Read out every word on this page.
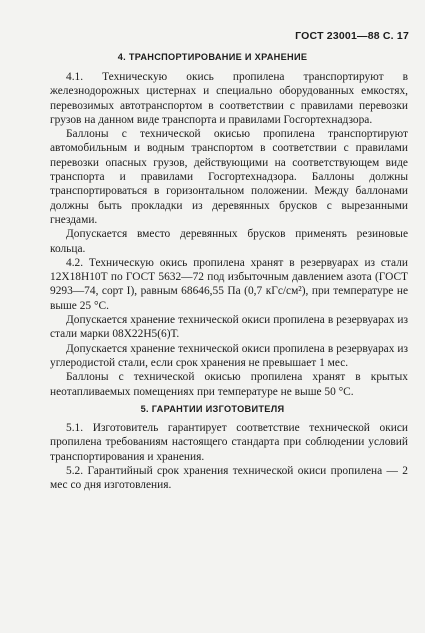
ГОСТ 23001—88 С. 17
4. ТРАНСПОРТИРОВАНИЕ И ХРАНЕНИЕ

4.1. Техническую окись пропилена транспортируют в железнодорожных цистернах и специально оборудованных емкостях, перевозимых автотранспортом в соответствии с правилами перевозки грузов на данном виде транспорта и правилами Госгортехнадзора.

Баллоны с технической окисью пропилена транспортируют автомобильным и водным транспортом в соответствии с правилами перевозки опасных грузов, действующими на соответствующем виде транспорта и правилами Госгортехнадзора. Баллоны должны транспортироваться в горизонтальном положении. Между баллонами должны быть прокладки из деревянных брусков с вырезанными гнездами.

Допускается вместо деревянных брусков применять резиновые кольца.

4.2. Техническую окись пропилена хранят в резервуарах из стали 12Х18Н10Т по ГОСТ 5632—72 под избыточным давлением азота (ГОСТ 9293—74, сорт I), равным 68646,55 Па (0,7 кГс/см²), при температуре не выше 25 °С.

Допускается хранение технической окиси пропилена в резервуарах из стали марки 08Х22Н5(6)Т.

Допускается хранение технической окиси пропилена в резервуарах из углеродистой стали, если срок хранения не превышает 1 мес.

Баллоны с технической окисью пропилена хранят в крытых неотапливаемых помещениях при температуре не выше 50 °С.

5. ГАРАНТИИ ИЗГОТОВИТЕЛЯ

5.1. Изготовитель гарантирует соответствие технической окиси пропилена требованиям настоящего стандарта при соблюдении условий транспортирования и хранения.

5.2. Гарантийный срок хранения технической окиси пропилена — 2 мес со дня изготовления.
